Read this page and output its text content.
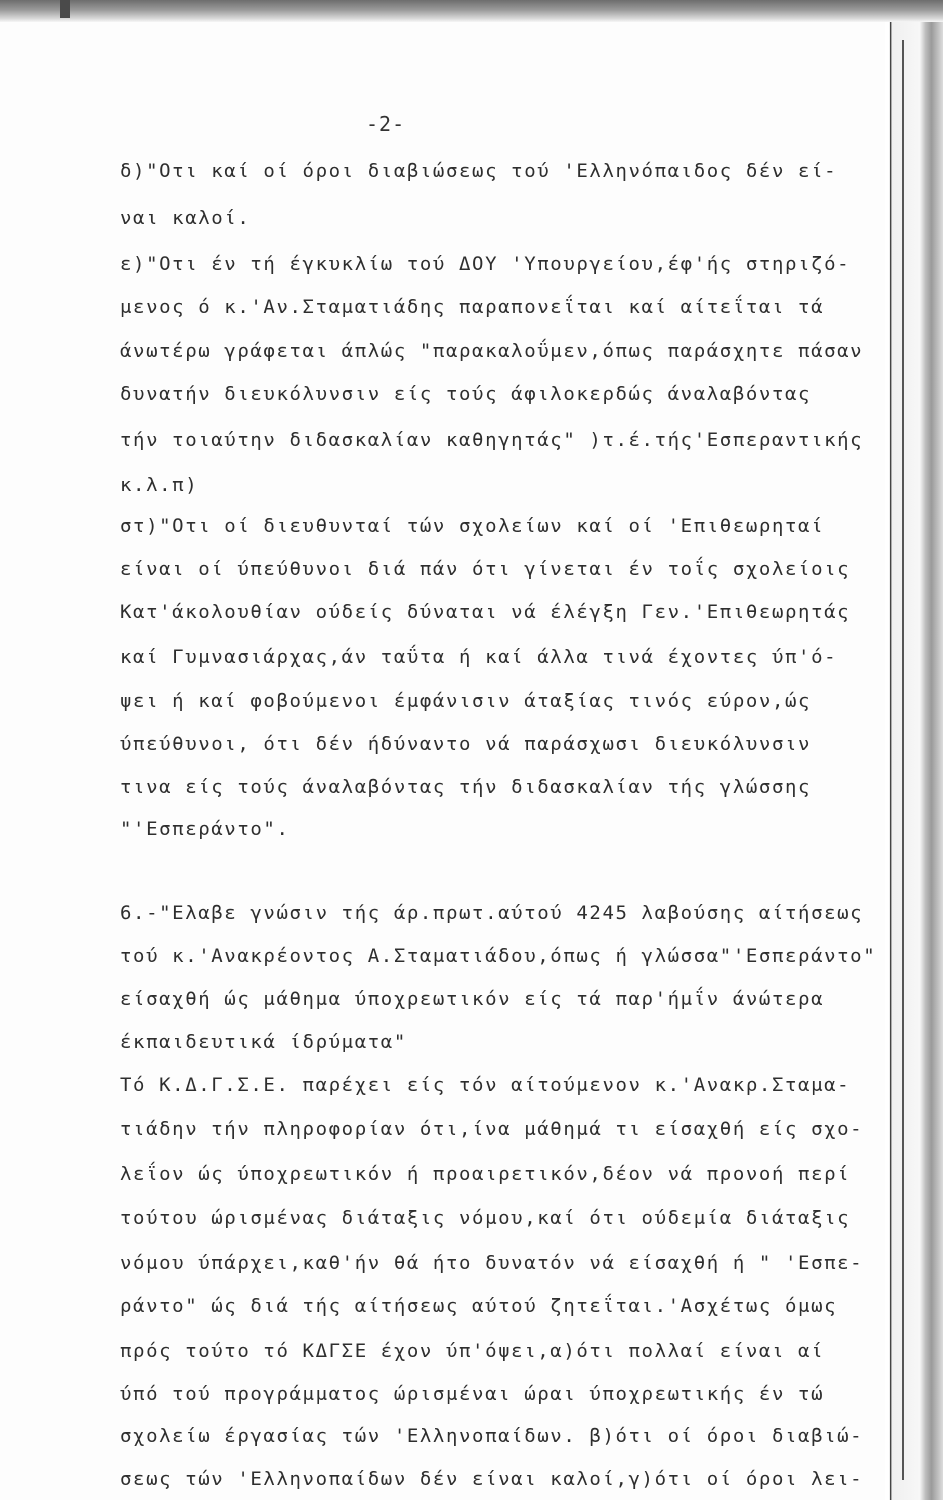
-2-
δ)"Οτι καί οί όροι διαβιώσεως τού 'Ελληνόπαιδος δέν εί-
ναι καλοί.
ε)"Οτι έν τή έγκυκλίω τού ΔΟΥ 'Υπουργείου,έφ'ής στηριζό-
μενος ό κ.'Αν.Σταματιάδης παραπονεΐται καί αίτεΐται τά
άνωτέρω γράφεται άπλώς "παρακαλοΰμεν,όπως παράσχητε πάσαν
δυνατήν διευκόλυνσιν είς τούς άφιλοκερδώς άναλαβόντας
τήν τοιαύτην διδασκαλίαν καθηγητάς" )τ.έ.τής'Εσπεραντικής
κ.λ.π)
στ)"Οτι οί διευθυνταί τών σχολείων καί οί 'Επιθεωρηταί
είναι οί ύπεύθυνοι διά πάν ότι γίνεται έν τοΐς σχολείοις
Κατ'άκολουθίαν ούδείς δύναται νά έλέγξη Γεν.'Επιθεωρητάς
καί Γυμνασιάρχας,άν ταΰτα ή καί άλλα τινά έχοντες ύπ'ό-
ψει ή καί φοβούμενοι έμφάνισιν άταξίας τινός εύρον,ώς
ύπεύθυνοι, ότι δέν ήδύναντο νά παράσχωσι διευκόλυνσιν
τινα είς τούς άναλαβόντας τήν διδασκαλίαν τής γλώσσης
"'Εσπεράντο".
6.-"Ελαβε γνώσιν τής άρ.πρωτ.αύτού 4245 λαβούσης αίτήσεως
τού κ.'Ανακρέοντος Α.Σταματιάδου,όπως ή γλώσσα"'Εσπεράντο"
είσαχθή ώς μάθημα ύποχρεωτικόν είς τά παρ'ήμΐν άνώτερα
έκπαιδευτικά ίδρύματα"
Τό Κ.Δ.Γ.Σ.Ε. παρέχει είς τόν αίτούμενον κ.'Ανακρ.Σταμα-
τιάδην τήν πληροφορίαν ότι,ίνα μάθημά τι είσαχθή είς σχο-
λεΐον ώς ύποχρεωτικόν ή προαιρετικόν,δέον νά προνοή περί
τούτου ώρισμένας διάταξις νόμου,καί ότι ούδεμία διάταξις
νόμου ύπάρχει,καθ'ήν θά ήτο δυνατόν νά είσαχθή ή " 'Εσπε-
ράντο" ώς διά τής αίτήσεως αύτού ζητεΐται.'Ασχέτως όμως
πρός τούτο τό ΚΔΓΣΕ έχον ύπ'όψει,α)ότι πολλαί είναι αί
ύπό τού προγράμματος ώρισμέναι ώραι ύποχρεωτικής έν τώ
σχολείω έργασίας τών 'Ελληνοπαίδων. β)ότι οί όροι διαβιώ-
σεως τών 'Ελληνοπαίδων δέν είναι καλοί,γ)ότι οί όροι λει-
